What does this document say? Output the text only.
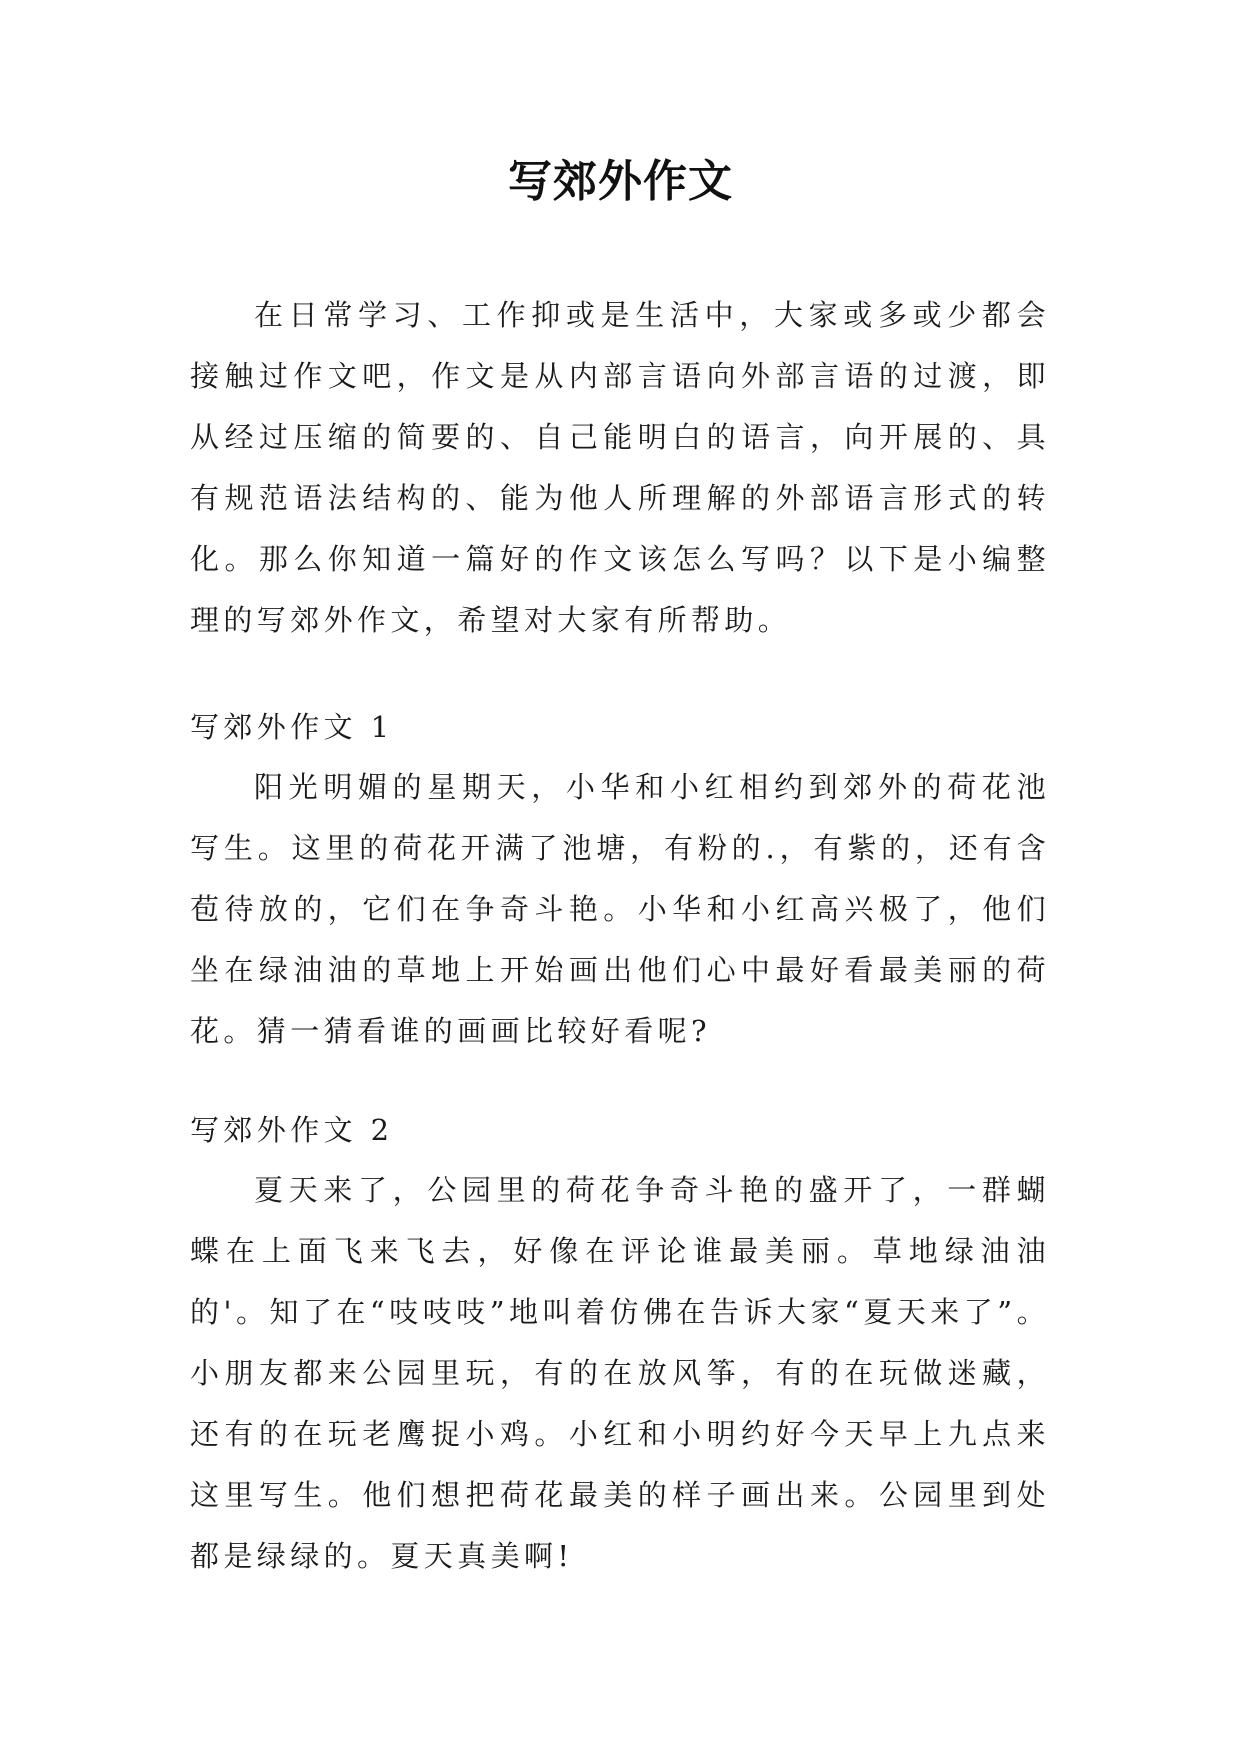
写郊外作文

在日常学习、工作抑或是生活中，大家或多或少都会接触过作文吧，作文是从内部言语向外部言语的过渡，即从经过压缩的简要的、自己能明白的语言，向开展的、具有规范语法结构的、能为他人所理解的外部语言形式的转化。那么你知道一篇好的作文该怎么写吗？以下是小编整理的写郊外作文，希望对大家有所帮助。

写郊外作文 1

阳光明媚的星期天，小华和小红相约到郊外的荷花池写生。这里的荷花开满了池塘，有粉的.，有紫的，还有含苞待放的，它们在争奇斗艳。小华和小红高兴极了，他们坐在绿油油的草地上开始画出他们心中最好看最美丽的荷花。猜一猜看谁的画画比较好看呢?

写郊外作文 2

夏天来了，公园里的荷花争奇斗艳的盛开了，一群蝴蝶在上面飞来飞去，好像在评论谁最美丽。草地绿油油的'。知了在“吱吱吱”地叫着仿佛在告诉大家“夏天来了”。小朋友都来公园里玩，有的在放风筝，有的在玩做迷藏，还有的在玩老鹰捉小鸡。小红和小明约好今天早上九点来这里写生。他们想把荷花最美的样子画出来。公园里到处都是绿绿的。夏天真美啊!
